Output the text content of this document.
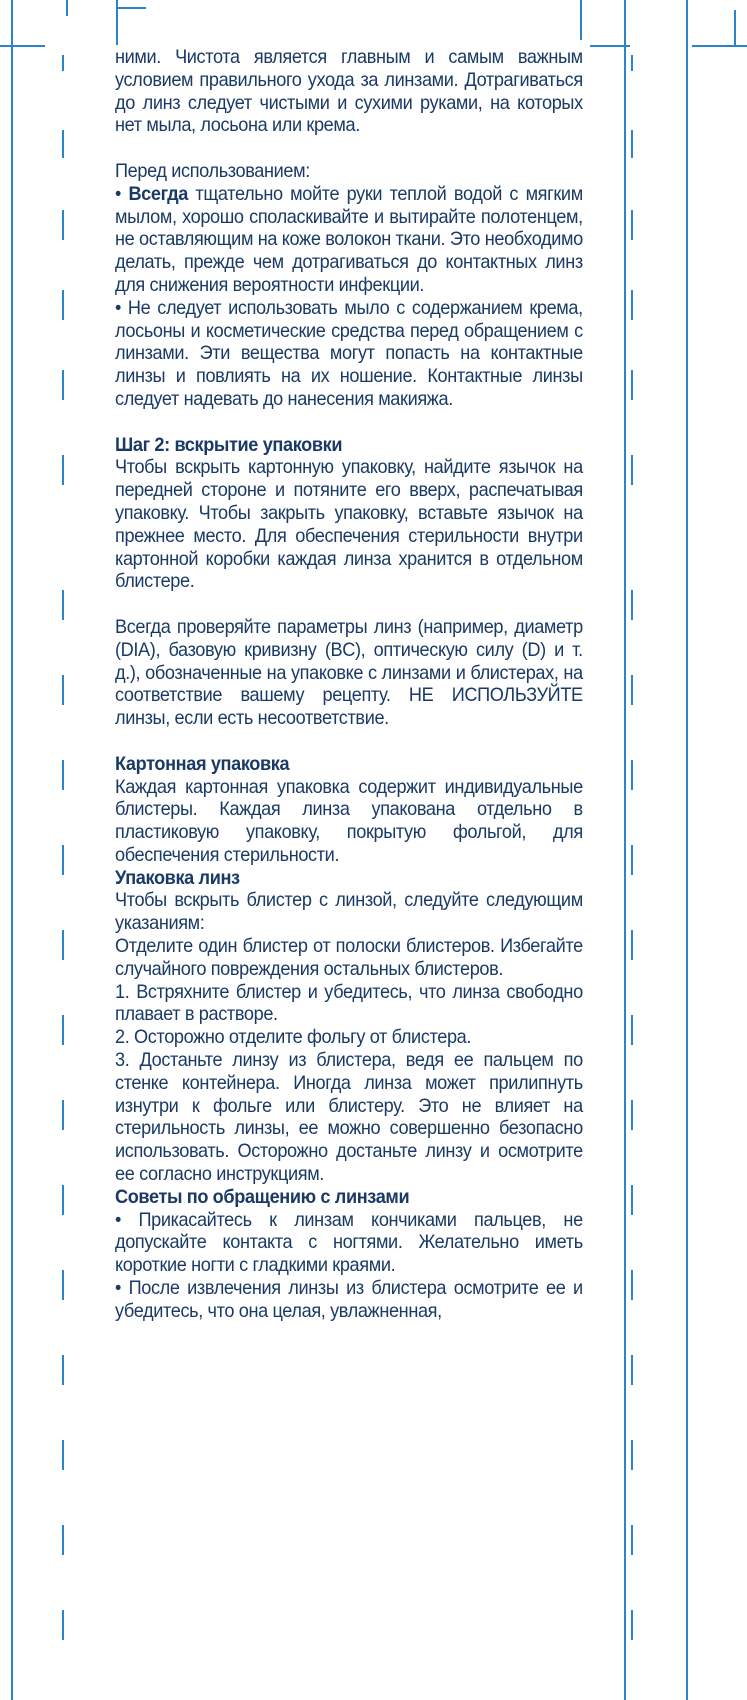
ними. Чистота является главным и самым важным условием правильного ухода за линзами. Дотрагиваться до линз следует чистыми и сухими руками, на которых нет мыла, лосьона или крема.

Перед использованием:

• Всегда тщательно мойте руки теплой водой с мягким мылом, хорошо споласкивайте и вытирайте полотенцем, не оставляющим на коже волокон ткани. Это необходимо делать, прежде чем дотрагиваться до контактных линз для снижения вероятности инфекции.

• Не следует использовать мыло с содержанием крема, лосьоны и косметические средства перед обращением с линзами. Эти вещества могут попасть на контактные линзы и повлиять на их ношение. Контактные линзы следует надевать до нанесения макияжа.

Шаг 2: вскрытие упаковки

Чтобы вскрыть картонную упаковку, найдите язычок на передней стороне и потяните его вверх, распечатывая упаковку. Чтобы закрыть упаковку, вставьте язычок на прежнее место. Для обеспечения стерильности внутри картонной коробки каждая линза хранится в отдельном блистере.

Всегда проверяйте параметры линз (например, диаметр (DIA), базовую кривизну (BC), оптическую силу (D) и т. д.), обозначенные на упаковке с линзами и блистерах, на соответствие вашему рецепту. НЕ ИСПОЛЬЗУЙТЕ линзы, если есть несоответствие.

Картонная упаковка

Каждая картонная упаковка содержит индивидуальные блистеры. Каждая линза упакована отдельно в пластиковую упаковку, покрытую фольгой, для обеспечения стерильности.

Упаковка линз

Чтобы вскрыть блистер с линзой, следуйте следующим указаниям:

Отделите один блистер от полоски блистеров. Избегайте случайного повреждения остальных блистеров.

1. Встряхните блистер и убедитесь, что линза свободно плавает в растворе.

2. Осторожно отделите фольгу от блистера.

3. Достаньте линзу из блистера, ведя ее пальцем по стенке контейнера. Иногда линза может прилипнуть изнутри к фольге или блистеру. Это не влияет на стерильность линзы, ее можно совершенно безопасно использовать. Осторожно достаньте линзу и осмотрите ее согласно инструкциям.

Советы по обращению с линзами

• Прикасайтесь к линзам кончиками пальцев, не допускайте контакта с ногтями. Желательно иметь короткие ногти с гладкими краями.

• После извлечения линзы из блистера осмотрите ее и убедитесь, что она целая, увлажненная,
